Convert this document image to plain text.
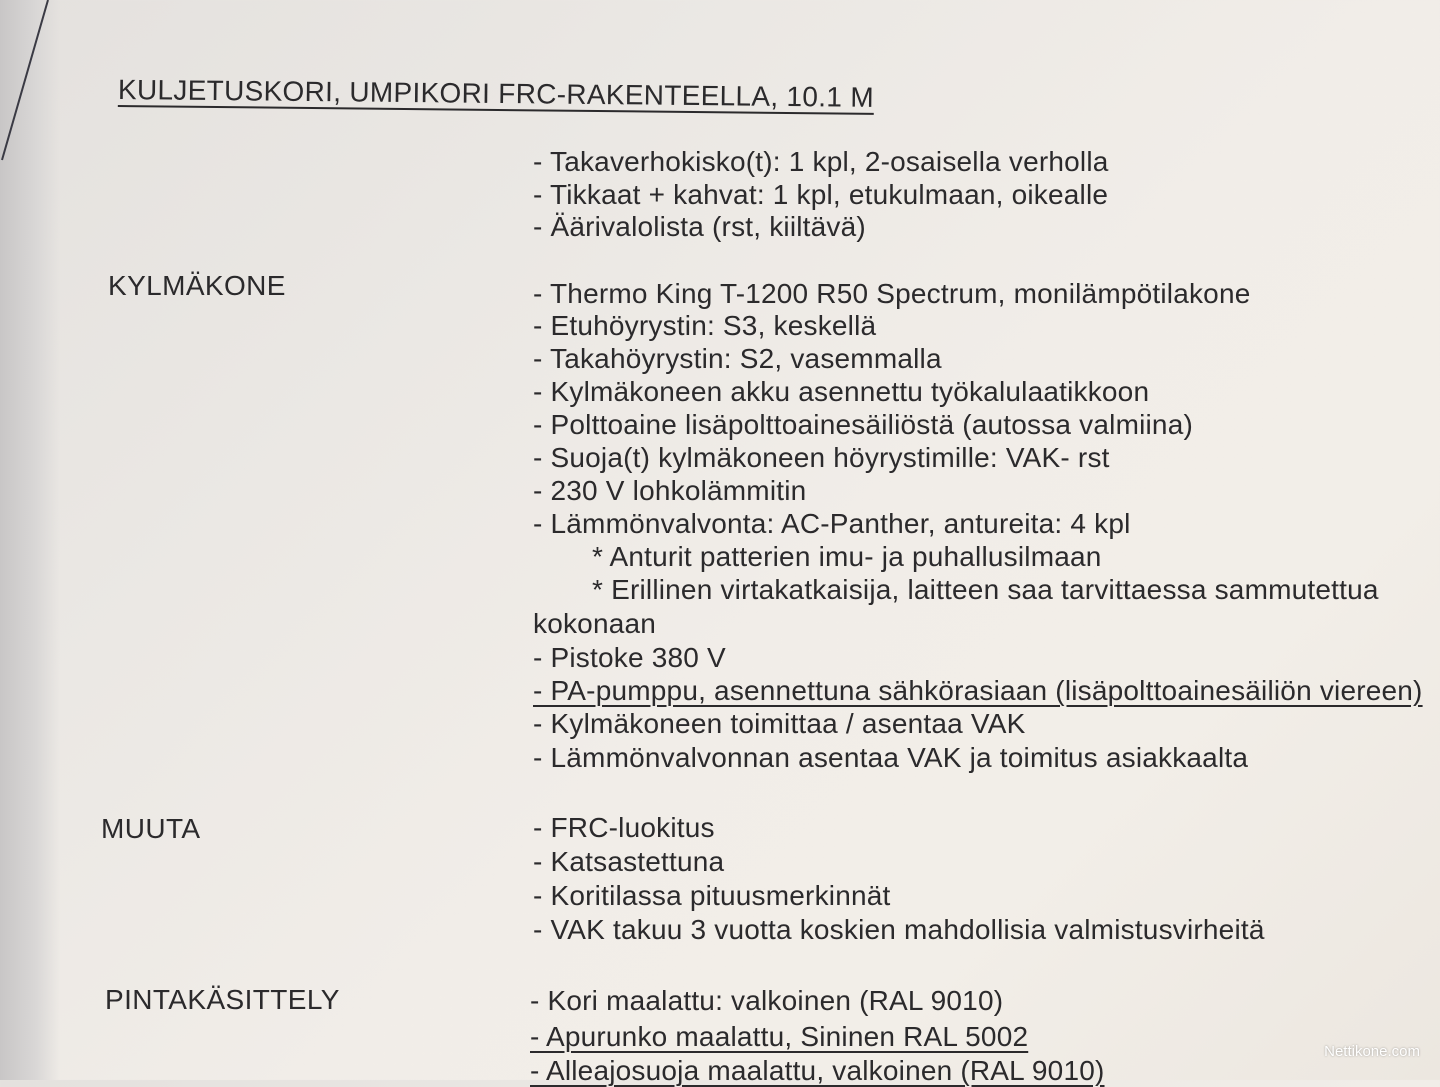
KULJETUSKORI, UMPIKORI FRC-RAKENTEELLA, 10.1 M
- Takaverhokisko(t): 1 kpl, 2-osaisella verholla
- Tikkaat + kahvat: 1 kpl, etukulmaan, oikealle
- Äärivalolista (rst, kiiltävä)
KYLMÄKONE	- Thermo King T-1200 R50 Spectrum, monilämpötilakone
- Etuhöyrystin: S3, keskellä
- Takahöyrystin: S2, vasemmalla
- Kylmäkoneen akku asennettu työkalulaatikkoon
- Polttoaine lisäpolttoainesäiliöstä (autossa valmiina)
- Suoja(t) kylmäkoneen höyrystimille: VAK- rst
- 230 V lohkolämmitin
- Lämmönvalvonta: AC-Panther, antureita: 4 kpl
* Anturit patterien imu- ja puhallusilmaan
* Erillinen virtakatkaisija, laitteen saa tarvittaessa sammutettua
kokonaan
- Pistoke 380 V
- PA-pumppu, asennettuna sähkörasiaan (lisäpolttoainesäiliön viereen)
- Kylmäkoneen toimittaa / asentaa VAK
- Lämmönvalvonnan asentaa VAK ja toimitus asiakkaalta
MUUTA	- FRC-luokitus
- Katsastettuna
- Koritilassa pituusmerkinnät
- VAK takuu 3 vuotta koskien mahdollisia valmistusvirheitä
PINTAKÄSITTELY	- Kori maalattu: valkoinen (RAL 9010)
- Apurunko maalattu, Sininen RAL 5002
- Alleajosuoja maalattu, valkoinen (RAL 9010)
Nettikone.com
